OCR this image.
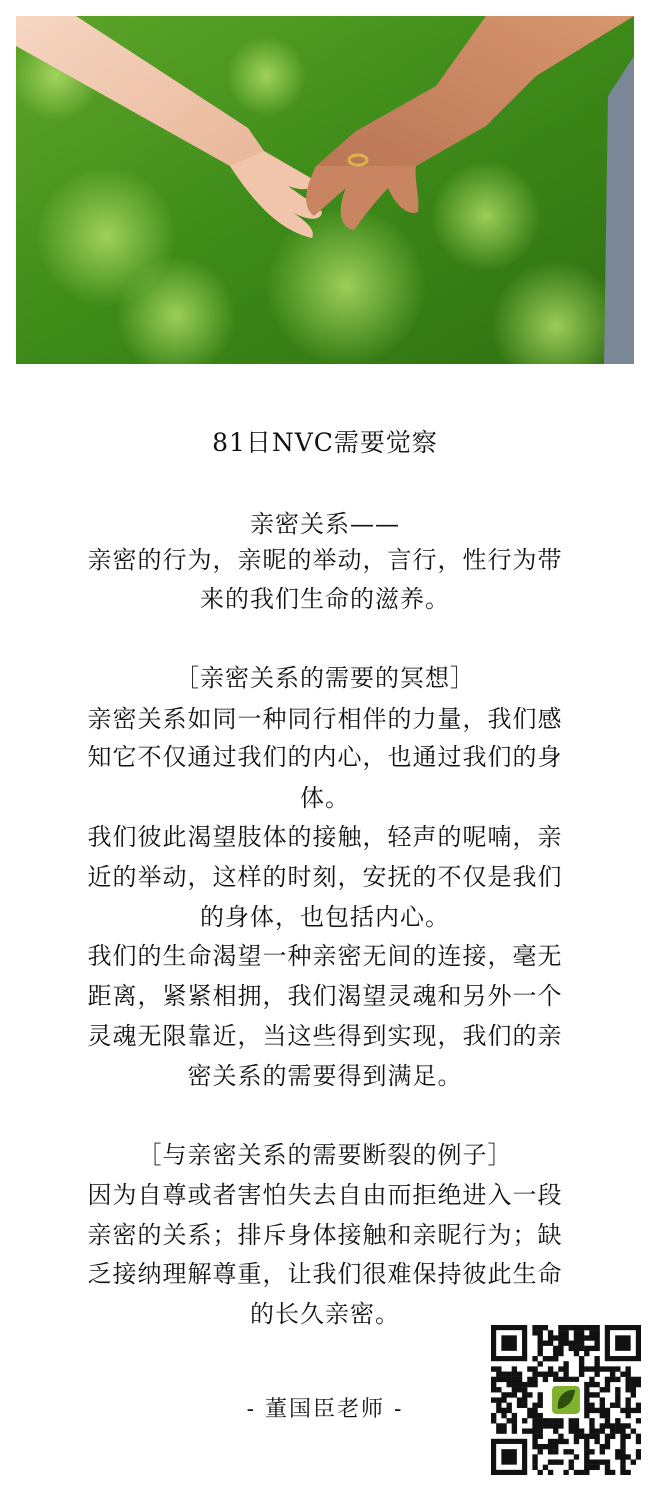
81日NVC需要觉察
亲密关系——
亲密的行为，亲昵的举动，言行，性行为带
来的我们生命的滋养。
［亲密关系的需要的冥想］
亲密关系如同一种同行相伴的力量，我们感
知它不仅通过我们的内心，也通过我们的身
体。
我们彼此渴望肢体的接触，轻声的呢喃，亲
近的举动，这样的时刻，安抚的不仅是我们
的身体，也包括内心。
我们的生命渴望一种亲密无间的连接，毫无
距离，紧紧相拥，我们渴望灵魂和另外一个
灵魂无限靠近，当这些得到实现，我们的亲
密关系的需要得到满足。
［与亲密关系的需要断裂的例子］
因为自尊或者害怕失去自由而拒绝进入一段
亲密的关系；排斥身体接触和亲昵行为；缺
乏接纳理解尊重，让我们很难保持彼此生命
的长久亲密。
- 董国臣老师 -
